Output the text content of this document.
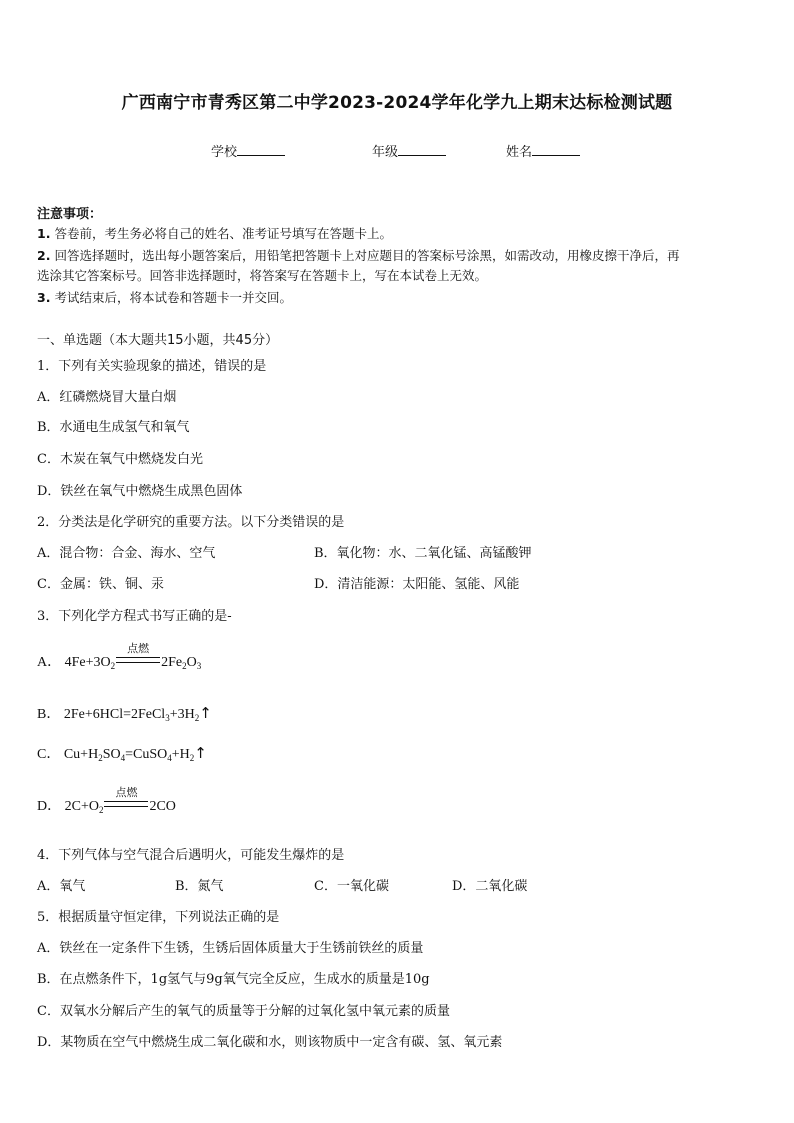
广西南宁市青秀区第二中学2023-2024学年化学九上期末达标检测试题
学校	年级	姓名
注意事项：
1. 答卷前，考生务必将自己的姓名、准考证号填写在答题卡上。
2. 回答选择题时，选出每小题答案后，用铅笔把答题卡上对应题目的答案标号涂黑，如需改动，用橡皮擦干净后，再
选涂其它答案标号。回答非选择题时，将答案写在答题卡上，写在本试卷上无效。
3. 考试结束后，将本试卷和答题卡一并交回。
一、单选题（本大题共15小题，共45分）
1．下列有关实验现象的描述，错误的是
A．红磷燃烧冒大量白烟
B．水通电生成氢气和氧气
C．木炭在氧气中燃烧发白光
D．铁丝在氧气中燃烧生成黑色固体
2．分类法是化学研究的重要方法。以下分类错误的是
A．混合物：合金、海水、空气	B．氧化物：水、二氧化锰、高锰酸钾
C．金属：铁、铜、汞	D．清洁能源：太阳能、氢能、风能
3．下列化学方程式书写正确的是-
A． $4Fe+3O_2$
点燃
$2Fe_2O_3$
B． $2Fe+6HCl=2FeCl_3+3H_2↑$
C． $Cu+H_2SO_4=CuSO_4+H_2↑$
D． $2C+O_2$
点燃
2CO
4．下列气体与空气混合后遇明火，可能发生爆炸的是
A．氧气	B．氮气	C．一氧化碳	D．二氧化碳
5．根据质量守恒定律，下列说法正确的是
A．铁丝在一定条件下生锈，生锈后固体质量大于生锈前铁丝的质量
B．在点燃条件下，1g氢气与9g氧气完全反应，生成水的质量是10g
C．双氧水分解后产生的氧气的质量等于分解的过氧化氢中氧元素的质量
D．某物质在空气中燃烧生成二氧化碳和水，则该物质中一定含有碳、氢、氧元素
